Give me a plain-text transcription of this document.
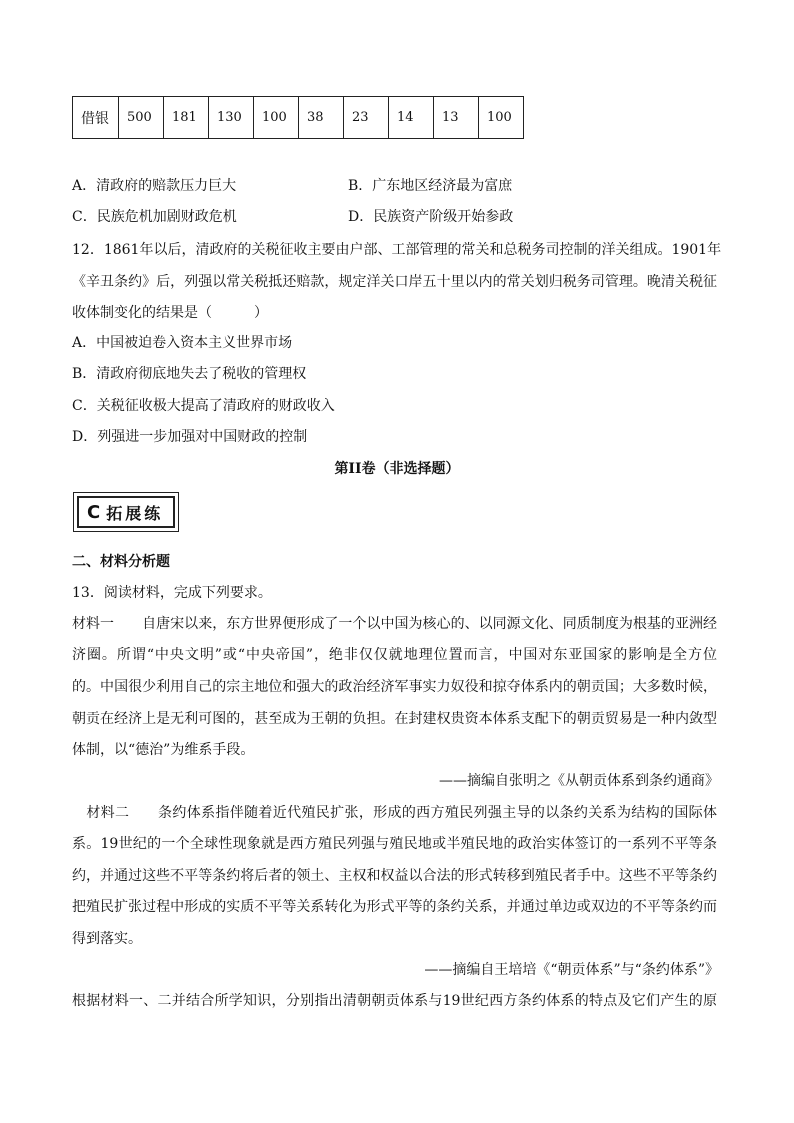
借银	500	181	130	100	38	23	14	13	100
A．清政府的赔款压力巨大	B．广东地区经济最为富庶
C．民族危机加剧财政危机	D．民族资产阶级开始参政
12．1861年以后，清政府的关税征收主要由户部、工部管理的常关和总税务司控制的洋关组成。1901年
《辛丑条约》后，列强以常关税抵还赔款，规定洋关口岸五十里以内的常关划归税务司管理。晚清关税征
收体制变化的结果是（　　　）
A．中国被迫卷入资本主义世界市场
B．清政府彻底地失去了税收的管理权
C．关税征收极大提高了清政府的财政收入
D．列强进一步加强对中国财政的控制
第II卷（非选择题）
C 拓展练
二、材料分析题
13．阅读材料，完成下列要求。
材料一　　自唐宋以来，东方世界便形成了一个以中国为核心的、以同源文化、同质制度为根基的亚洲经
济圈。所谓“中央文明”或“中央帝国”，绝非仅仅就地理位置而言，中国对东亚国家的影响是全方位
的。中国很少利用自己的宗主地位和强大的政治经济军事实力奴役和掠夺体系内的朝贡国；大多数时候，
朝贡在经济上是无利可图的，甚至成为王朝的负担。在封建权贵资本体系支配下的朝贡贸易是一种内敛型
体制，以“德治”为维系手段。
——摘编自张明之《从朝贡体系到条约通商》
　材料二　　条约体系指伴随着近代殖民扩张，形成的西方殖民列强主导的以条约关系为结构的国际体
系。19世纪的一个全球性现象就是西方殖民列强与殖民地或半殖民地的政治实体签订的一系列不平等条
约，并通过这些不平等条约将后者的领土、主权和权益以合法的形式转移到殖民者手中。这些不平等条约
把殖民扩张过程中形成的实质不平等关系转化为形式平等的条约关系，并通过单边或双边的不平等条约而
得到落实。
——摘编自王培培《“朝贡体系”与“条约体系”》
根据材料一、二并结合所学知识，分别指出清朝朝贡体系与19世纪西方条约体系的特点及它们产生的原
